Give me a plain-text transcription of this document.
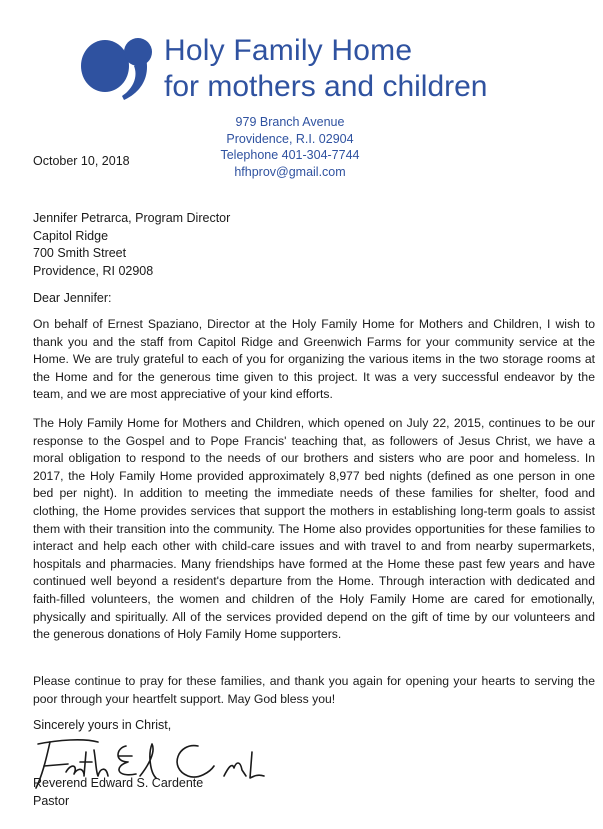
Holy Family Home
for mothers and children
979 Branch Avenue
Providence, R.I. 02904
Telephone 401-304-7744
hfhprov@gmail.com
October 10, 2018
Jennifer Petrarca, Program Director
Capitol Ridge
700 Smith Street
Providence, RI 02908
Dear Jennifer:

On behalf of Ernest Spaziano, Director at the Holy Family Home for Mothers and Children, I wish to thank you and the staff from Capitol Ridge and Greenwich Farms for your community service at the Home. We are truly grateful to each of you for organizing the various items in the two storage rooms at the Home and for the generous time given to this project. It was a very successful endeavor by the team, and we are most appreciative of your kind efforts.

The Holy Family Home for Mothers and Children, which opened on July 22, 2015, continues to be our response to the Gospel and to Pope Francis' teaching that, as followers of Jesus Christ, we have a moral obligation to respond to the needs of our brothers and sisters who are poor and homeless. In 2017, the Holy Family Home provided approximately 8,977 bed nights (defined as one person in one bed per night). In addition to meeting the immediate needs of these families for shelter, food and clothing, the Home provides services that support the mothers in establishing long-term goals to assist them with their transition into the community. The Home also provides opportunities for these families to interact and help each other with child-care issues and with travel to and from nearby supermarkets, hospitals and pharmacies. Many friendships have formed at the Home these past few years and have continued well beyond a resident's departure from the Home. Through interaction with dedicated and faith-filled volunteers, the women and children of the Holy Family Home are cared for emotionally, physically and spiritually. All of the services provided depend on the gift of time by our volunteers and the generous donations of Holy Family Home supporters.

Please continue to pray for these families, and thank you again for opening your hearts to serving the poor through your heartfelt support. May God bless you!

Sincerely yours in Christ,
Reverend Edward S. Cardente
Pastor
